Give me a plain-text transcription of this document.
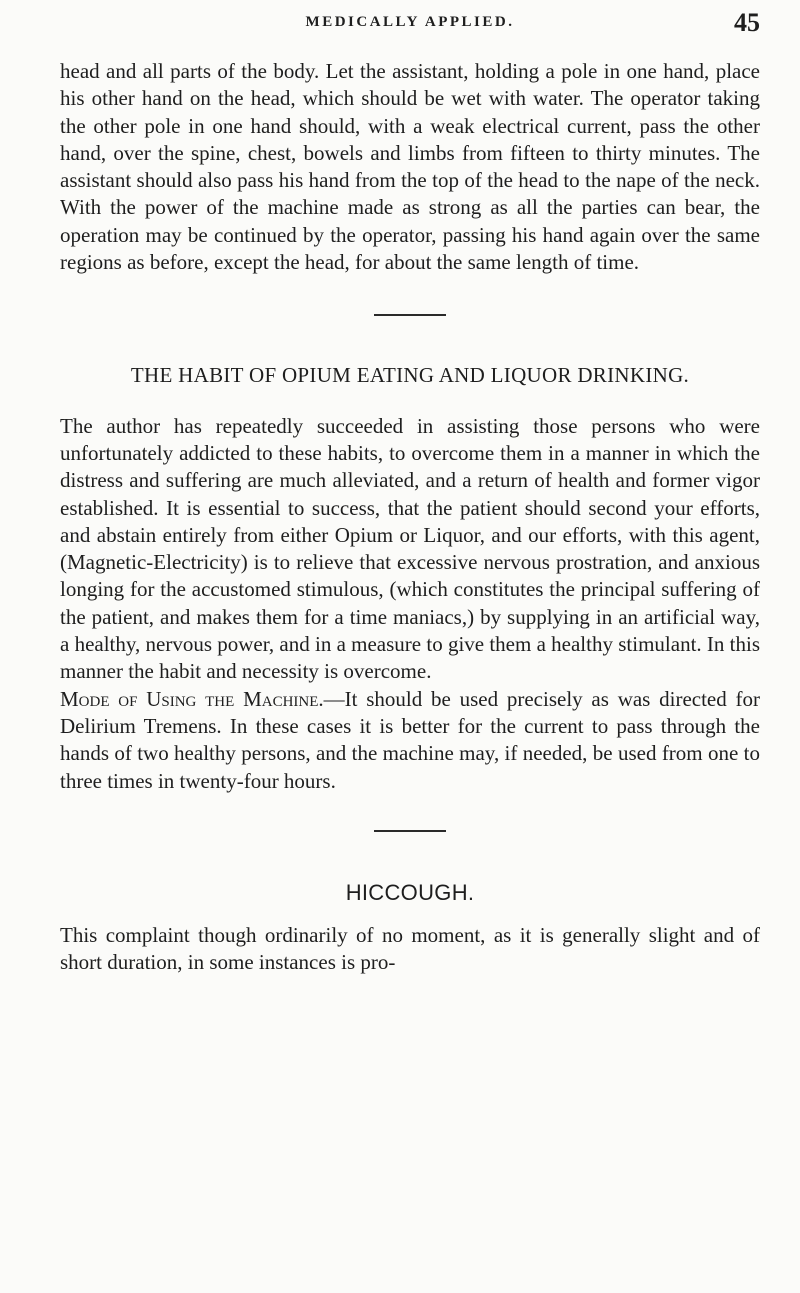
MEDICALLY APPLIED.	45

head and all parts of the body. Let the assistant, holding a pole in one hand, place his other hand on the head, which should be wet with water. The operator taking the other pole in one hand should, with a weak electrical current, pass the other hand, over the spine, chest, bowels and limbs from fifteen to thirty minutes. The assistant should also pass his hand from the top of the head to the nape of the neck. With the power of the machine made as strong as all the parties can bear, the operation may be continued by the operator, passing his hand again over the same regions as before, except the head, for about the same length of time.

THE HABIT OF OPIUM EATING AND LIQUOR DRINKING.

The author has repeatedly succeeded in assisting those persons who were unfortunately addicted to these habits, to overcome them in a manner in which the distress and suffering are much alleviated, and a return of health and former vigor established. It is essential to success, that the patient should second your efforts, and abstain entirely from either Opium or Liquor, and our efforts, with this agent, (Magnetic-Electricity) is to relieve that excessive nervous prostration, and anxious longing for the accustomed stimulous, (which constitutes the principal suffering of the patient, and makes them for a time maniacs,) by supplying in an artificial way, a healthy, nervous power, and in a measure to give them a healthy stimulant. In this manner the habit and necessity is overcome.

Mode of Using the Machine.—It should be used precisely as was directed for Delirium Tremens. In these cases it is better for the current to pass through the hands of two healthy persons, and the machine may, if needed, be used from one to three times in twenty-four hours.

HICCOUGH.

This complaint though ordinarily of no moment, as it is generally slight and of short duration, in some instances is pro-
